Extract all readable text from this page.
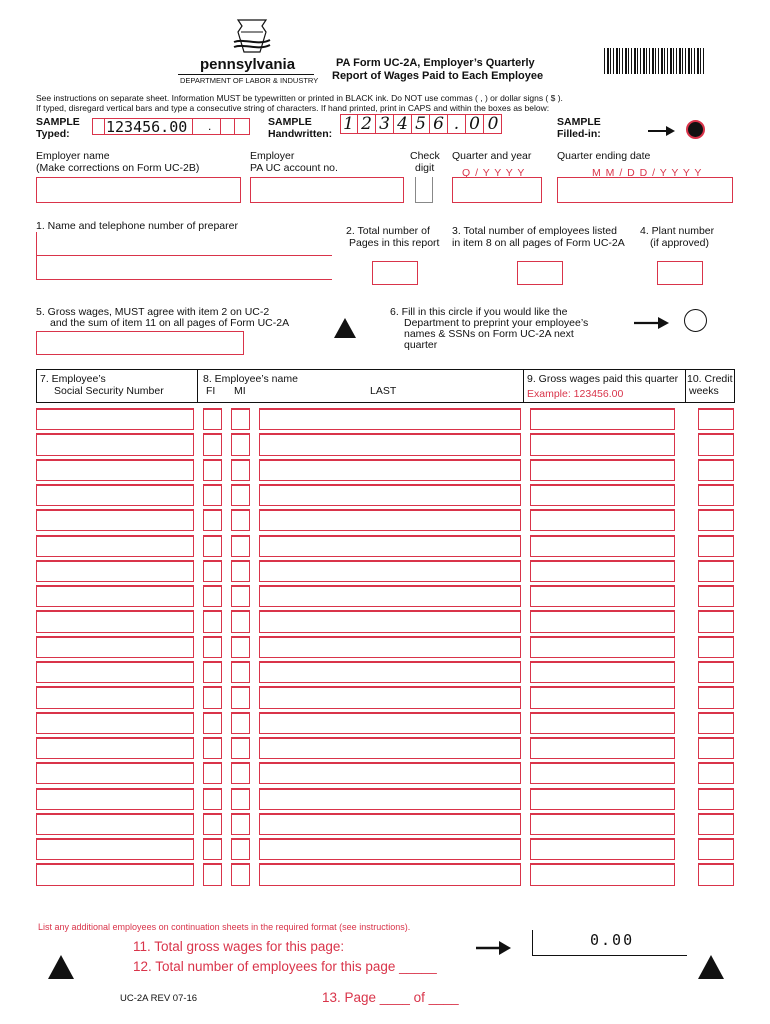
pennsylvania
DEPARTMENT OF LABOR & INDUSTRY
PA Form UC-2A, Employer’s Quarterly
Report of Wages Paid to Each Employee
See instructions on separate sheet. Information MUST be typewritten or printed in BLACK ink. Do NOT use commas ( , ) or dollar signs ( $ ).
If typed, disregard vertical bars and type a consecutive string of characters. If hand printed, print in CAPS and within the boxes as below:
SAMPLE
Typed: 123456.00 .	SAMPLE
Handwritten: 1 2 3 4 5 6 . 0 0	SAMPLE
Filled-in:
Employer name
(Make corrections on Form UC-2B)
Employer
PA UC account no.
Check
digit
Quarter and year Quarter ending date
Q / Y Y Y Y	M M / D D / Y Y Y Y
1. Name and telephone number of preparer	2. Total number of
Pages in this report
3. Total number of employees listed
in item 8 on all pages of Form UC-2A
4. Plant number
(if approved)
5. Gross wages, MUST agree with item 2 on UC-2
and the sum of item 11 on all pages of Form UC-2A
6. Fill in this circle if you would like the
Department to preprint your employee’s
names & SSNs on Form UC-2A next
quarter
7. Employee’s
Social Security Number
8. Employee’s name
FI MI	LAST
9. Gross wages paid this quarter
Example: 123456.00
10. Credit
weeks
List any additional employees on continuation sheets in the required format (see instructions).
11. Total gross wages for this page:	0.00
12. Total number of employees for this page _____
UC-2A REV 07-16	13. Page ____ of ____
